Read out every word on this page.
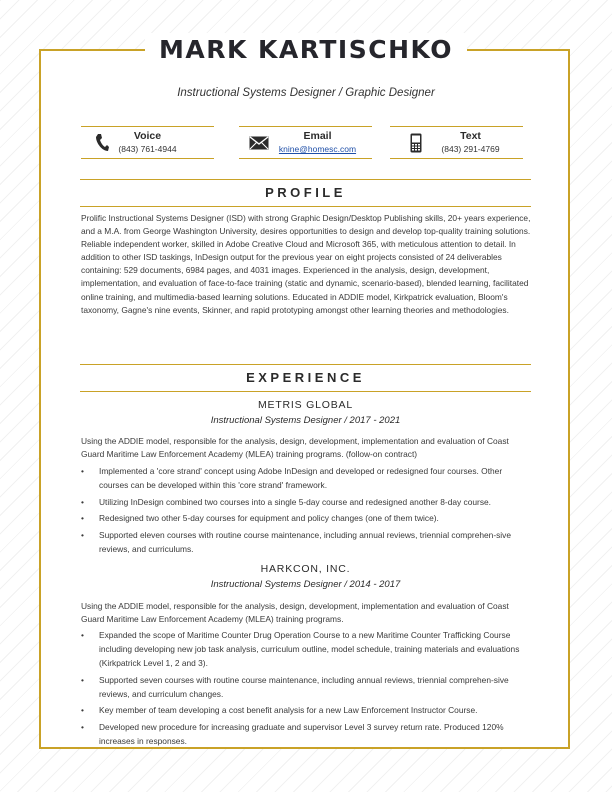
MARK KARTISCHKO
Instructional Systems Designer / Graphic Designer
Voice
(843) 761-4944
Email
knine@homesc.com
Text
(843) 291-4769
PROFILE

Prolific Instructional Systems Designer (ISD) with strong Graphic Design/Desktop Publishing skills, 20+ years experience, and a M.A. from George Washington University, desires opportunities to design and develop top-quality training solutions. Reliable independent worker, skilled in Adobe Creative Cloud and Microsoft 365, with meticulous attention to detail. In addition to other ISD taskings, InDesign output for the previous year on eight projects consisted of 24 deliverables containing: 529 documents, 6984 pages, and 4031 images. Experienced in the analysis, design, development, implementation, and evaluation of face-to-face training (static and dynamic, scenario-based), blended learning, facilitated online training, and multimedia-based learning solutions. Educated in ADDIE model, Kirkpatrick evaluation, Bloom's taxonomy, Gagne's nine events, Skinner, and rapid prototyping amongst other learning theories and methodologies.

EXPERIENCE
METRIS GLOBAL
Instructional Systems Designer / 2017 - 2021

Using the ADDIE model, responsible for the analysis, design, development, implementation and evaluation of Coast Guard Maritime Law Enforcement Academy (MLEA) training programs. (follow-on contract)

• Implemented a 'core strand' concept using Adobe InDesign and developed or redesigned four courses. Other courses can be developed within this 'core strand' framework.
• Utilizing InDesign combined two courses into a single 5-day course and redesigned another 8-day course.
• Redesigned two other 5-day courses for equipment and policy changes (one of them twice).
• Supported eleven courses with routine course maintenance, including annual reviews, triennial comprehen-sive reviews, and curriculums.
HARKCON, INC.
Instructional Systems Designer / 2014 - 2017

Using the ADDIE model, responsible for the analysis, design, development, implementation and evaluation of Coast Guard Maritime Law Enforcement Academy (MLEA) training programs.

• Expanded the scope of Maritime Counter Drug Operation Course to a new Maritime Counter Trafficking Course including developing new job task analysis, curriculum outline, model schedule, training materials and evaluations (Kirkpatrick Level 1, 2 and 3).
• Supported seven courses with routine course maintenance, including annual reviews, triennial comprehen-sive reviews, and curriculum changes.
• Key member of team developing a cost benefit analysis for a new Law Enforcement Instructor Course.
• Developed new procedure for increasing graduate and supervisor Level 3 survey return rate. Produced 120% increases in responses.
